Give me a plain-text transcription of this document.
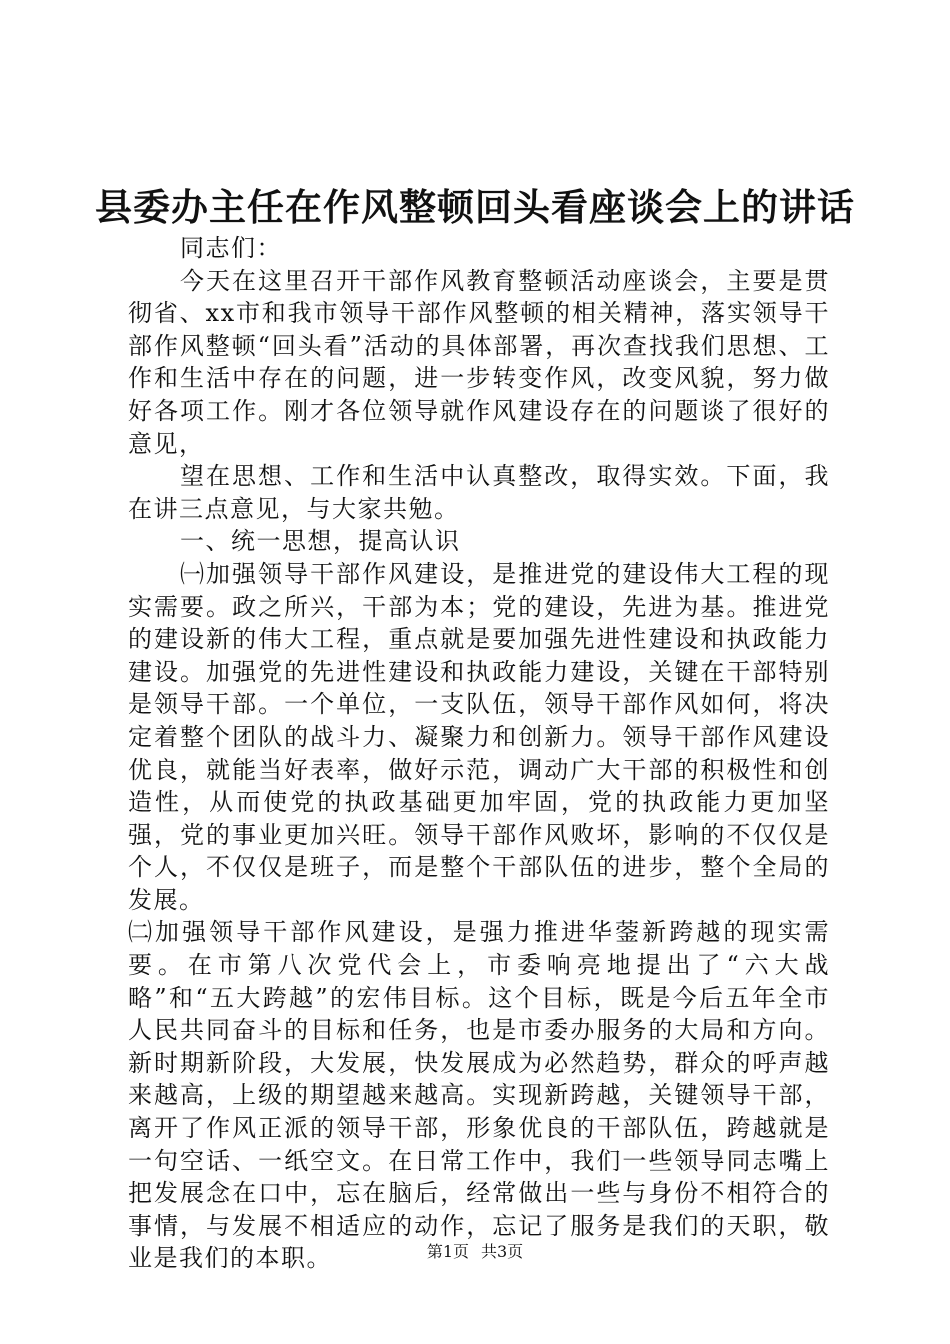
县委办主任在作风整顿回头看座谈会上的讲话

同志们：

今天在这里召开干部作风教育整顿活动座谈会，主要是贯彻省、xx市和我市领导干部作风整顿的相关精神，落实领导干部作风整顿“回头看”活动的具体部署，再次查找我们思想、工作和生活中存在的问题，进一步转变作风，改变风貌，努力做好各项工作。刚才各位领导就作风建设存在的问题谈了很好的意见，

望在思想、工作和生活中认真整改，取得实效。下面，我在讲三点意见，与大家共勉。

一、统一思想，提高认识

㈠加强领导干部作风建设，是推进党的建设伟大工程的现实需要。政之所兴，干部为本；党的建设，先进为基。推进党的建设新的伟大工程，重点就是要加强先进性建设和执政能力建设。加强党的先进性建设和执政能力建设，关键在干部特别是领导干部。一个单位，一支队伍，领导干部作风如何，将决定着整个团队的战斗力、凝聚力和创新力。领导干部作风建设优良，就能当好表率，做好示范，调动广大干部的积极性和创造性，从而使党的执政基础更加牢固，党的执政能力更加坚强，党的事业更加兴旺。领导干部作风败坏，影响的不仅仅是个人，不仅仅是班子，而是整个干部队伍的进步，整个全局的发展。

㈡加强领导干部作风建设，是强力推进华蓥新跨越的现实需要。在市第八次党代会上，市委响亮地提出了“六大战略”和“五大跨越”的宏伟目标。这个目标，既是今后五年全市人民共同奋斗的目标和任务，也是市委办服务的大局和方向。新时期新阶段，大发展，快发展成为必然趋势，群众的呼声越来越高，上级的期望越来越高。实现新跨越，关键领导干部，离开了作风正派的领导干部，形象优良的干部队伍，跨越就是一句空话、一纸空文。在日常工作中，我们一些领导同志嘴上把发展念在口中，忘在脑后，经常做出一些与身份不相符合的事情，与发展不相适应的动作，忘记了服务是我们的天职，敬业是我们的本职。	第1页 共3页
